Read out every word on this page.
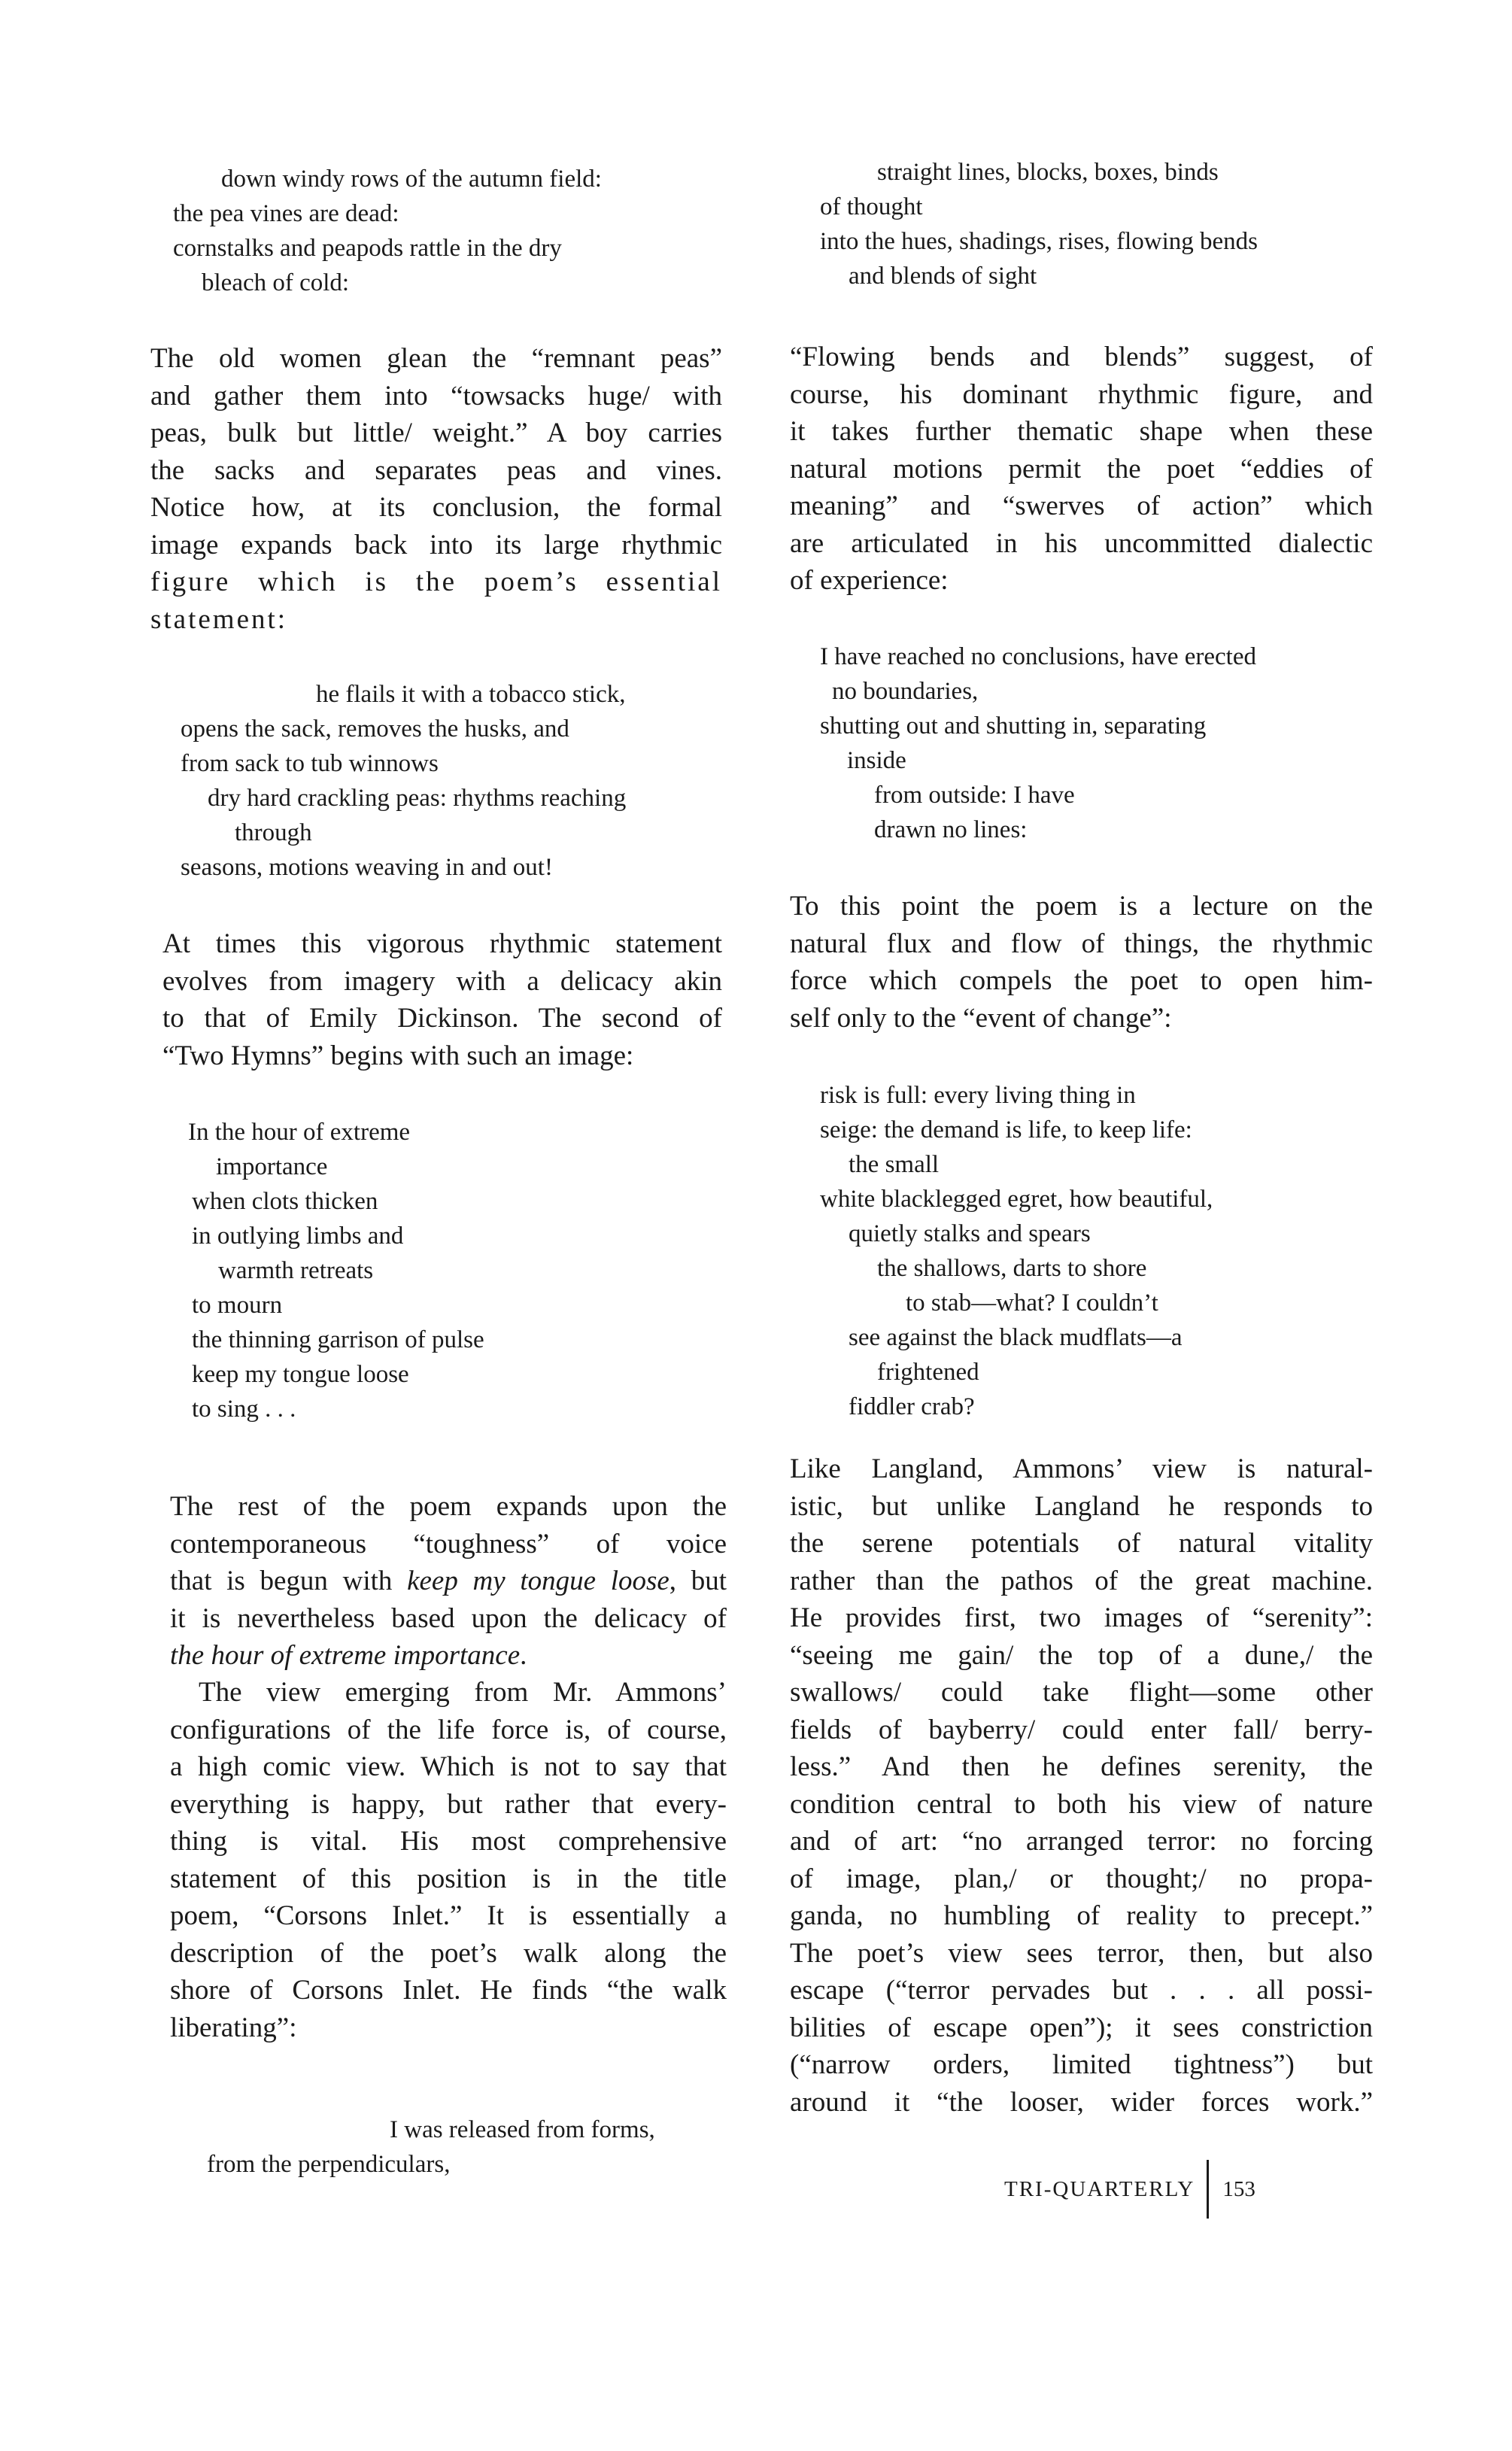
down windy rows of the autumn field:
the pea vines are dead:
cornstalks and peapods rattle in the dry
bleach of cold:
The old women glean the “remnant peas”
and gather them into “towsacks huge/ with
peas, bulk but little/ weight.” A boy carries
the sacks and separates peas and vines.
Notice how, at its conclusion, the formal
image expands back into its large rhythmic
figure which is the poem’s essential
statement:
he flails it with a tobacco stick,
opens the sack, removes the husks, and
from sack to tub winnows
dry hard crackling peas: rhythms reaching
through
seasons, motions weaving in and out!
At times this vigorous rhythmic statement
evolves from imagery with a delicacy akin
to that of Emily Dickinson. The second of
“Two Hymns” begins with such an image:
In the hour of extreme
importance
when clots thicken
in outlying limbs and
warmth retreats
to mourn
the thinning garrison of pulse
keep my tongue loose
to sing . . .
The rest of the poem expands upon the
contemporaneous “toughness” of voice
that is begun with keep my tongue loose, but
it is nevertheless based upon the delicacy of
the hour of extreme importance.
The view emerging from Mr. Ammons’
configurations of the life force is, of course,
a high comic view. Which is not to say that
everything is happy, but rather that every-
thing is vital. His most comprehensive
statement of this position is in the title
poem, “Corsons Inlet.” It is essentially a
description of the poet’s walk along the
shore of Corsons Inlet. He finds “the walk
liberating”:
I was released from forms,
from the perpendiculars,
straight lines, blocks, boxes, binds
of thought
into the hues, shadings, rises, flowing bends
and blends of sight
“Flowing bends and blends” suggest, of
course, his dominant rhythmic figure, and
it takes further thematic shape when these
natural motions permit the poet “eddies of
meaning” and “swerves of action” which
are articulated in his uncommitted dialectic
of experience:
I have reached no conclusions, have erected
no boundaries,
shutting out and shutting in, separating
inside
from outside: I have
drawn no lines:
To this point the poem is a lecture on the
natural flux and flow of things, the rhythmic
force which compels the poet to open him-
self only to the “event of change”:
risk is full: every living thing in
seige: the demand is life, to keep life:
the small
white blacklegged egret, how beautiful,
quietly stalks and spears
the shallows, darts to shore
to stab—what? I couldn’t
see against the black mudflats—a
frightened
fiddler crab?
Like Langland, Ammons’ view is natural-
istic, but unlike Langland he responds to
the serene potentials of natural vitality
rather than the pathos of the great machine.
He provides first, two images of “serenity”:
“seeing me gain/ the top of a dune,/ the
swallows/ could take flight—some other
fields of bayberry/ could enter fall/ berry-
less.” And then he defines serenity, the
condition central to both his view of nature
and of art: “no arranged terror: no forcing
of image, plan,/ or thought;/ no propa-
ganda, no humbling of reality to precept.”
The poet’s view sees terror, then, but also
escape (“terror pervades but . . . all possi-
bilities of escape open”); it sees constriction
(“narrow orders, limited tightness”) but
around it “the looser, wider forces work.”
TRI-QUARTERLY 153
